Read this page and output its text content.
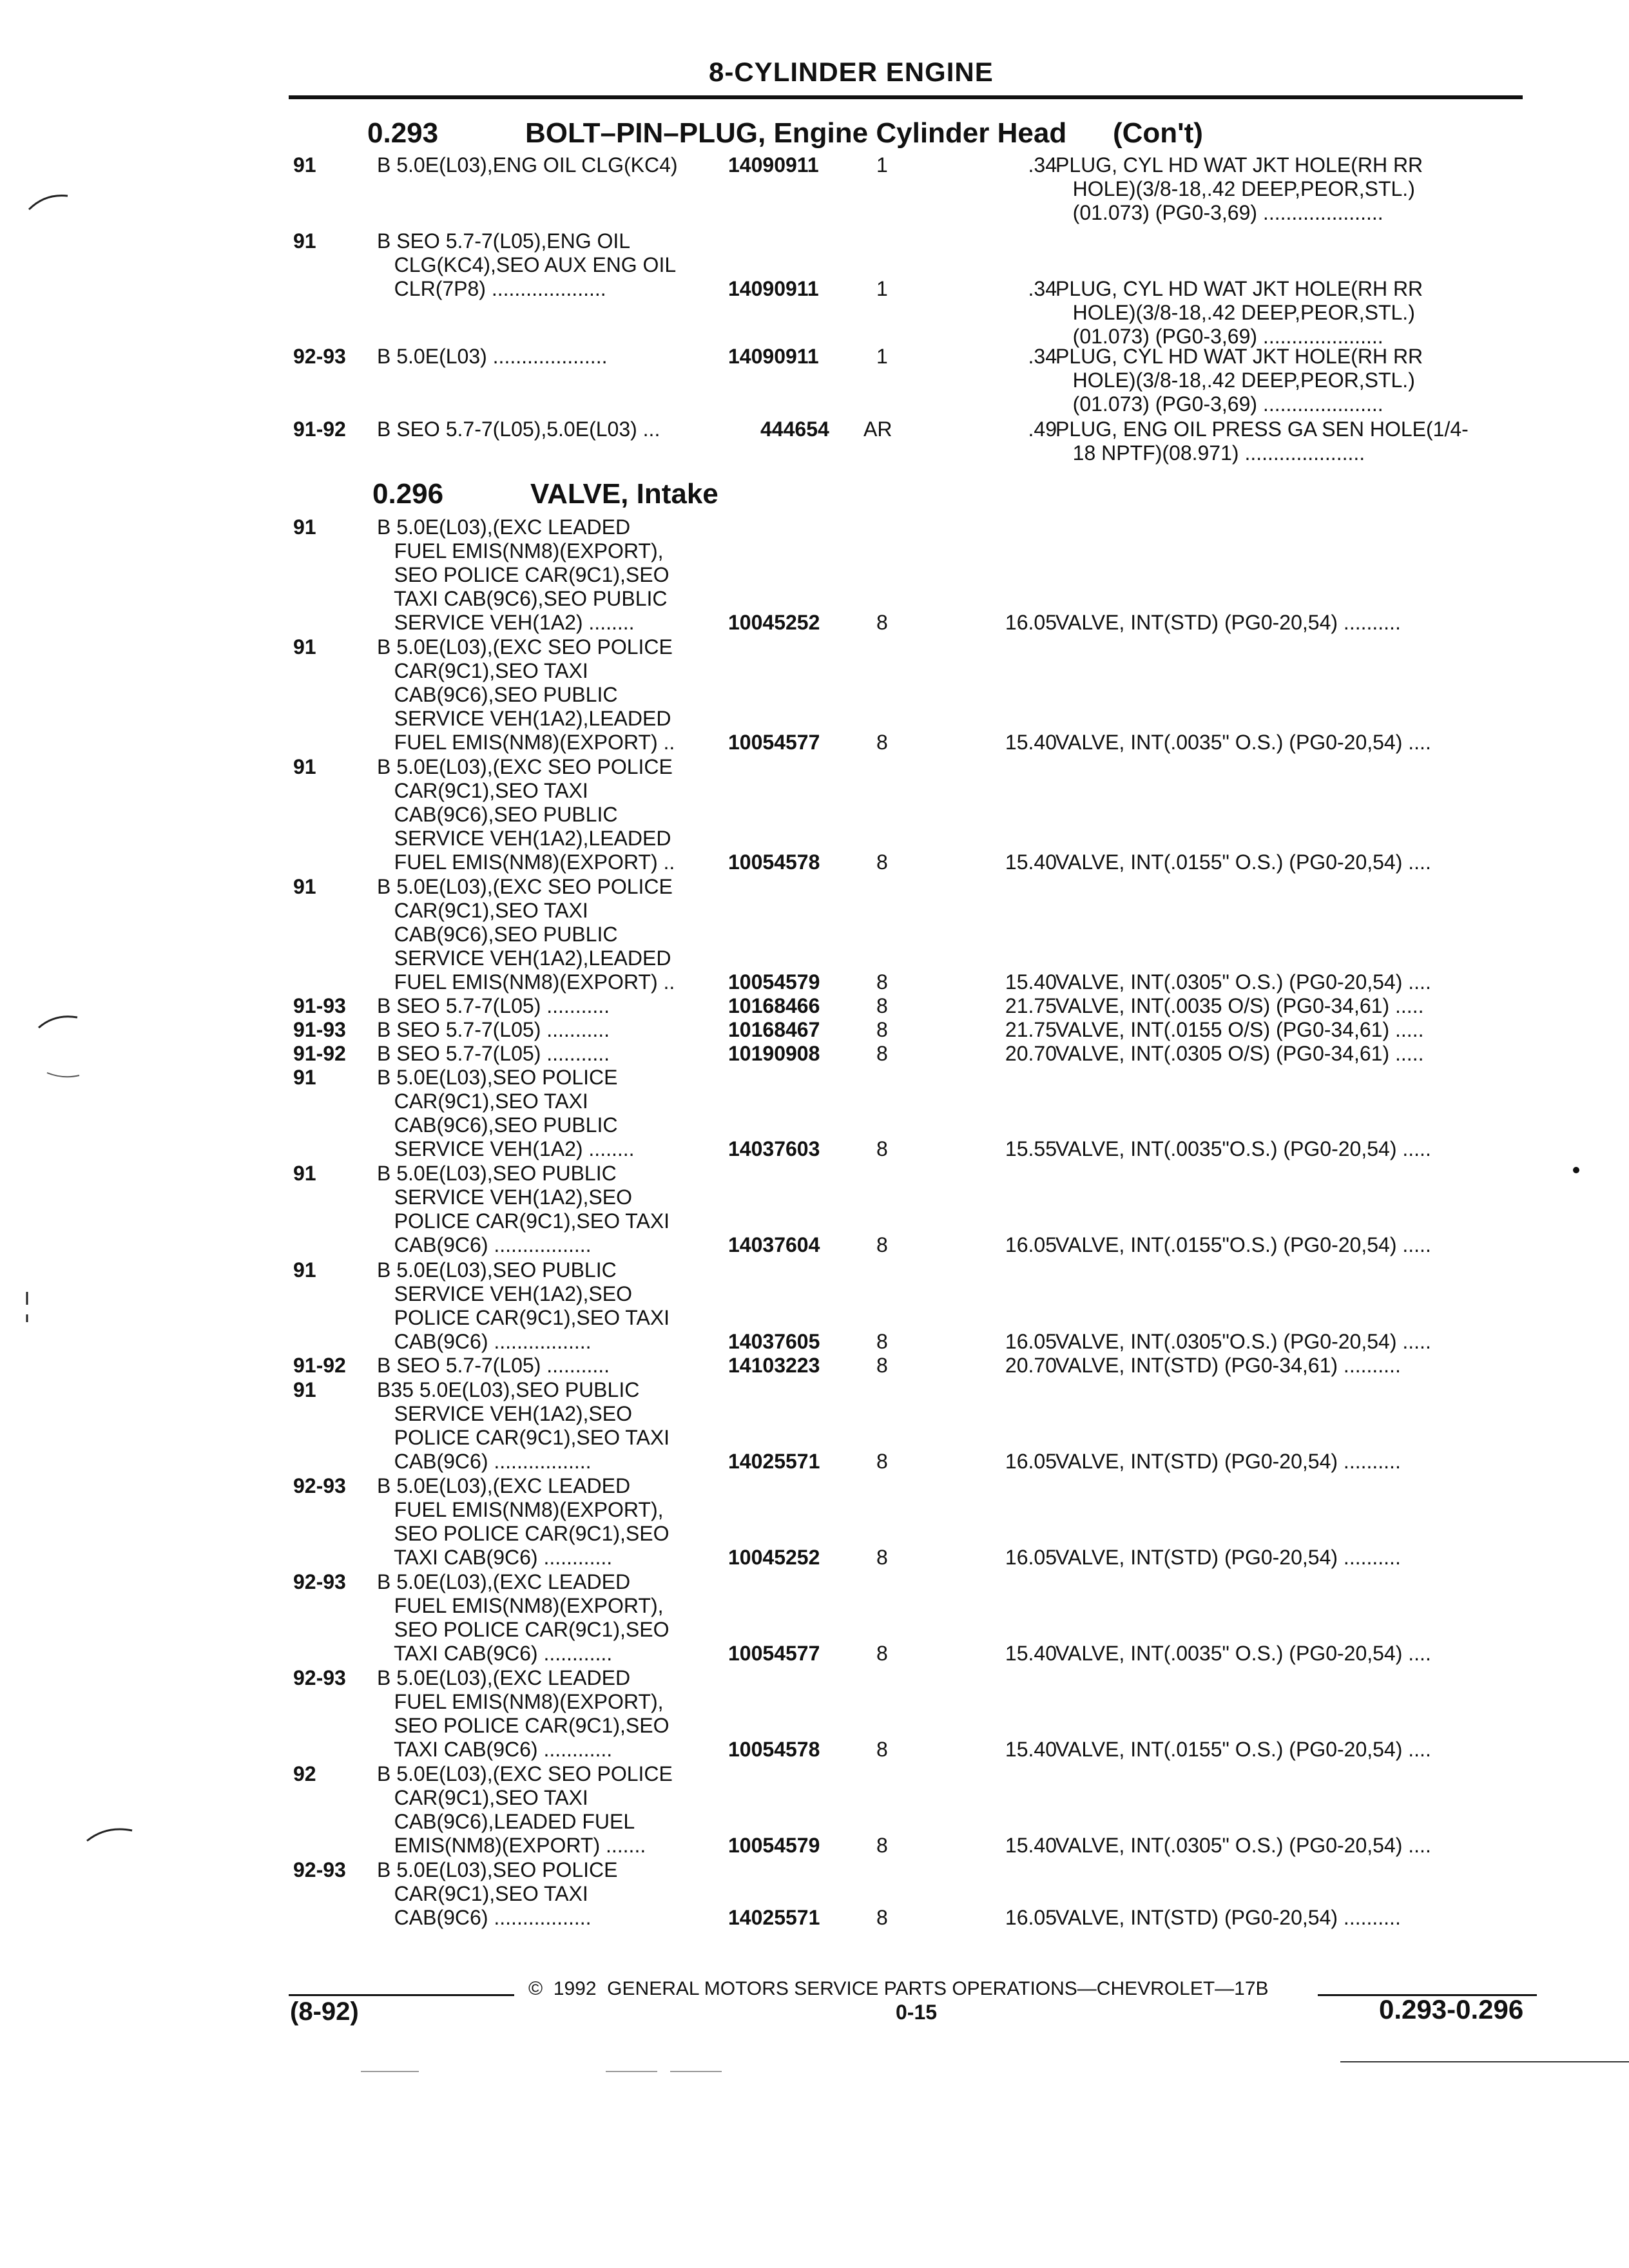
8-CYLINDER ENGINE

0.293

	BOLT–PIN–PLUG, Engine Cylinder Head

(Con't)

0.296

	VALVE, Intake

91	B 5.0E(L03),ENG OIL CLG(KC4)	14090911	1	.34
PLUG, CYL HD WAT JKT HOLE(RH RR
HOLE)(3/8-18,.42 DEEP,PEOR,STL.)
(01.073) (PG0-3,69) .....................
91	B SEO 5.7-7(L05),ENG OIL
CLG(KC4),SEO AUX ENG OIL
CLR(7P8) ....................	14090911	1	.34
PLUG, CYL HD WAT JKT HOLE(RH RR
HOLE)(3/8-18,.42 DEEP,PEOR,STL.)
(01.073) (PG0-3,69) .....................
92-93 B 5.0E(L03) ....................	14090911	1	.34
PLUG, CYL HD WAT JKT HOLE(RH RR
HOLE)(3/8-18,.42 DEEP,PEOR,STL.)
(01.073) (PG0-3,69) .....................
91-92 B SEO 5.7-7(L05),5.0E(L03) ...	444654 AR	.49
PLUG, ENG OIL PRESS GA SEN HOLE(1/4-
18 NPTF)(08.971) .....................
91	B 5.0E(L03),(EXC LEADED
FUEL EMIS(NM8)(EXPORT),
SEO POLICE CAR(9C1),SEO
TAXI CAB(9C6),SEO PUBLIC
SERVICE VEH(1A2) ........	10045252	8	16.05
VALVE, INT(STD) (PG0-20,54) ..........
91	B 5.0E(L03),(EXC SEO POLICE
CAR(9C1),SEO TAXI
CAB(9C6),SEO PUBLIC
SERVICE VEH(1A2),LEADED
FUEL EMIS(NM8)(EXPORT) ..	10054577	8	15.40
VALVE, INT(.0035" O.S.) (PG0-20,54) ....
91	B 5.0E(L03),(EXC SEO POLICE
CAR(9C1),SEO TAXI
CAB(9C6),SEO PUBLIC
SERVICE VEH(1A2),LEADED
FUEL EMIS(NM8)(EXPORT) ..	10054578	8	15.40
VALVE, INT(.0155" O.S.) (PG0-20,54) ....
91	B 5.0E(L03),(EXC SEO POLICE
CAR(9C1),SEO TAXI
CAB(9C6),SEO PUBLIC
SERVICE VEH(1A2),LEADED
FUEL EMIS(NM8)(EXPORT) ..	10054579	8	15.40
VALVE, INT(.0305" O.S.) (PG0-20,54) ....
91-93 B SEO 5.7-7(L05) ...........	10168466	8	21.75
VALVE, INT(.0035 O/S) (PG0-34,61) .....
91-93 B SEO 5.7-7(L05) ...........	10168467	8	21.75
VALVE, INT(.0155 O/S) (PG0-34,61) .....
91-92 B SEO 5.7-7(L05) ...........	10190908	8	20.70
VALVE, INT(.0305 O/S) (PG0-34,61) .....
91	B 5.0E(L03),SEO POLICE
CAR(9C1),SEO TAXI
CAB(9C6),SEO PUBLIC
SERVICE VEH(1A2) ........	14037603	8	15.55
VALVE, INT(.0035"O.S.) (PG0-20,54) .....
91	B 5.0E(L03),SEO PUBLIC
SERVICE VEH(1A2),SEO
POLICE CAR(9C1),SEO TAXI
CAB(9C6) .................	14037604	8	16.05
VALVE, INT(.0155"O.S.) (PG0-20,54) .....
91	B 5.0E(L03),SEO PUBLIC
SERVICE VEH(1A2),SEO
POLICE CAR(9C1),SEO TAXI
CAB(9C6) .................	14037605	8	16.05
VALVE, INT(.0305"O.S.) (PG0-20,54) .....
91-92 B SEO 5.7-7(L05) ...........	14103223	8	20.70
VALVE, INT(STD) (PG0-34,61) ..........
91	B35 5.0E(L03),SEO PUBLIC
SERVICE VEH(1A2),SEO
POLICE CAR(9C1),SEO TAXI
CAB(9C6) .................	14025571	8	16.05
VALVE, INT(STD) (PG0-20,54) ..........
92-93 B 5.0E(L03),(EXC LEADED
FUEL EMIS(NM8)(EXPORT),
SEO POLICE CAR(9C1),SEO
TAXI CAB(9C6) ............	10045252	8	16.05
VALVE, INT(STD) (PG0-20,54) ..........
92-93 B 5.0E(L03),(EXC LEADED
FUEL EMIS(NM8)(EXPORT),
SEO POLICE CAR(9C1),SEO
TAXI CAB(9C6) ............	10054577	8	15.40
VALVE, INT(.0035" O.S.) (PG0-20,54) ....
92-93 B 5.0E(L03),(EXC LEADED
FUEL EMIS(NM8)(EXPORT),
SEO POLICE CAR(9C1),SEO
TAXI CAB(9C6) ............	10054578	8	15.40
VALVE, INT(.0155" O.S.) (PG0-20,54) ....
92	B 5.0E(L03),(EXC SEO POLICE
CAR(9C1),SEO TAXI
CAB(9C6),LEADED FUEL
EMIS(NM8)(EXPORT) .......	10054579	8	15.40
VALVE, INT(.0305" O.S.) (PG0-20,54) ....
92-93 B 5.0E(L03),SEO POLICE
CAR(9C1),SEO TAXI
CAB(9C6) .................	14025571	8	16.05
VALVE, INT(STD) (PG0-20,54) ..........
©  1992  GENERAL MOTORS SERVICE PARTS OPERATIONS—CHEVROLET—17B
(8-92)	0-15	0.293-0.296
